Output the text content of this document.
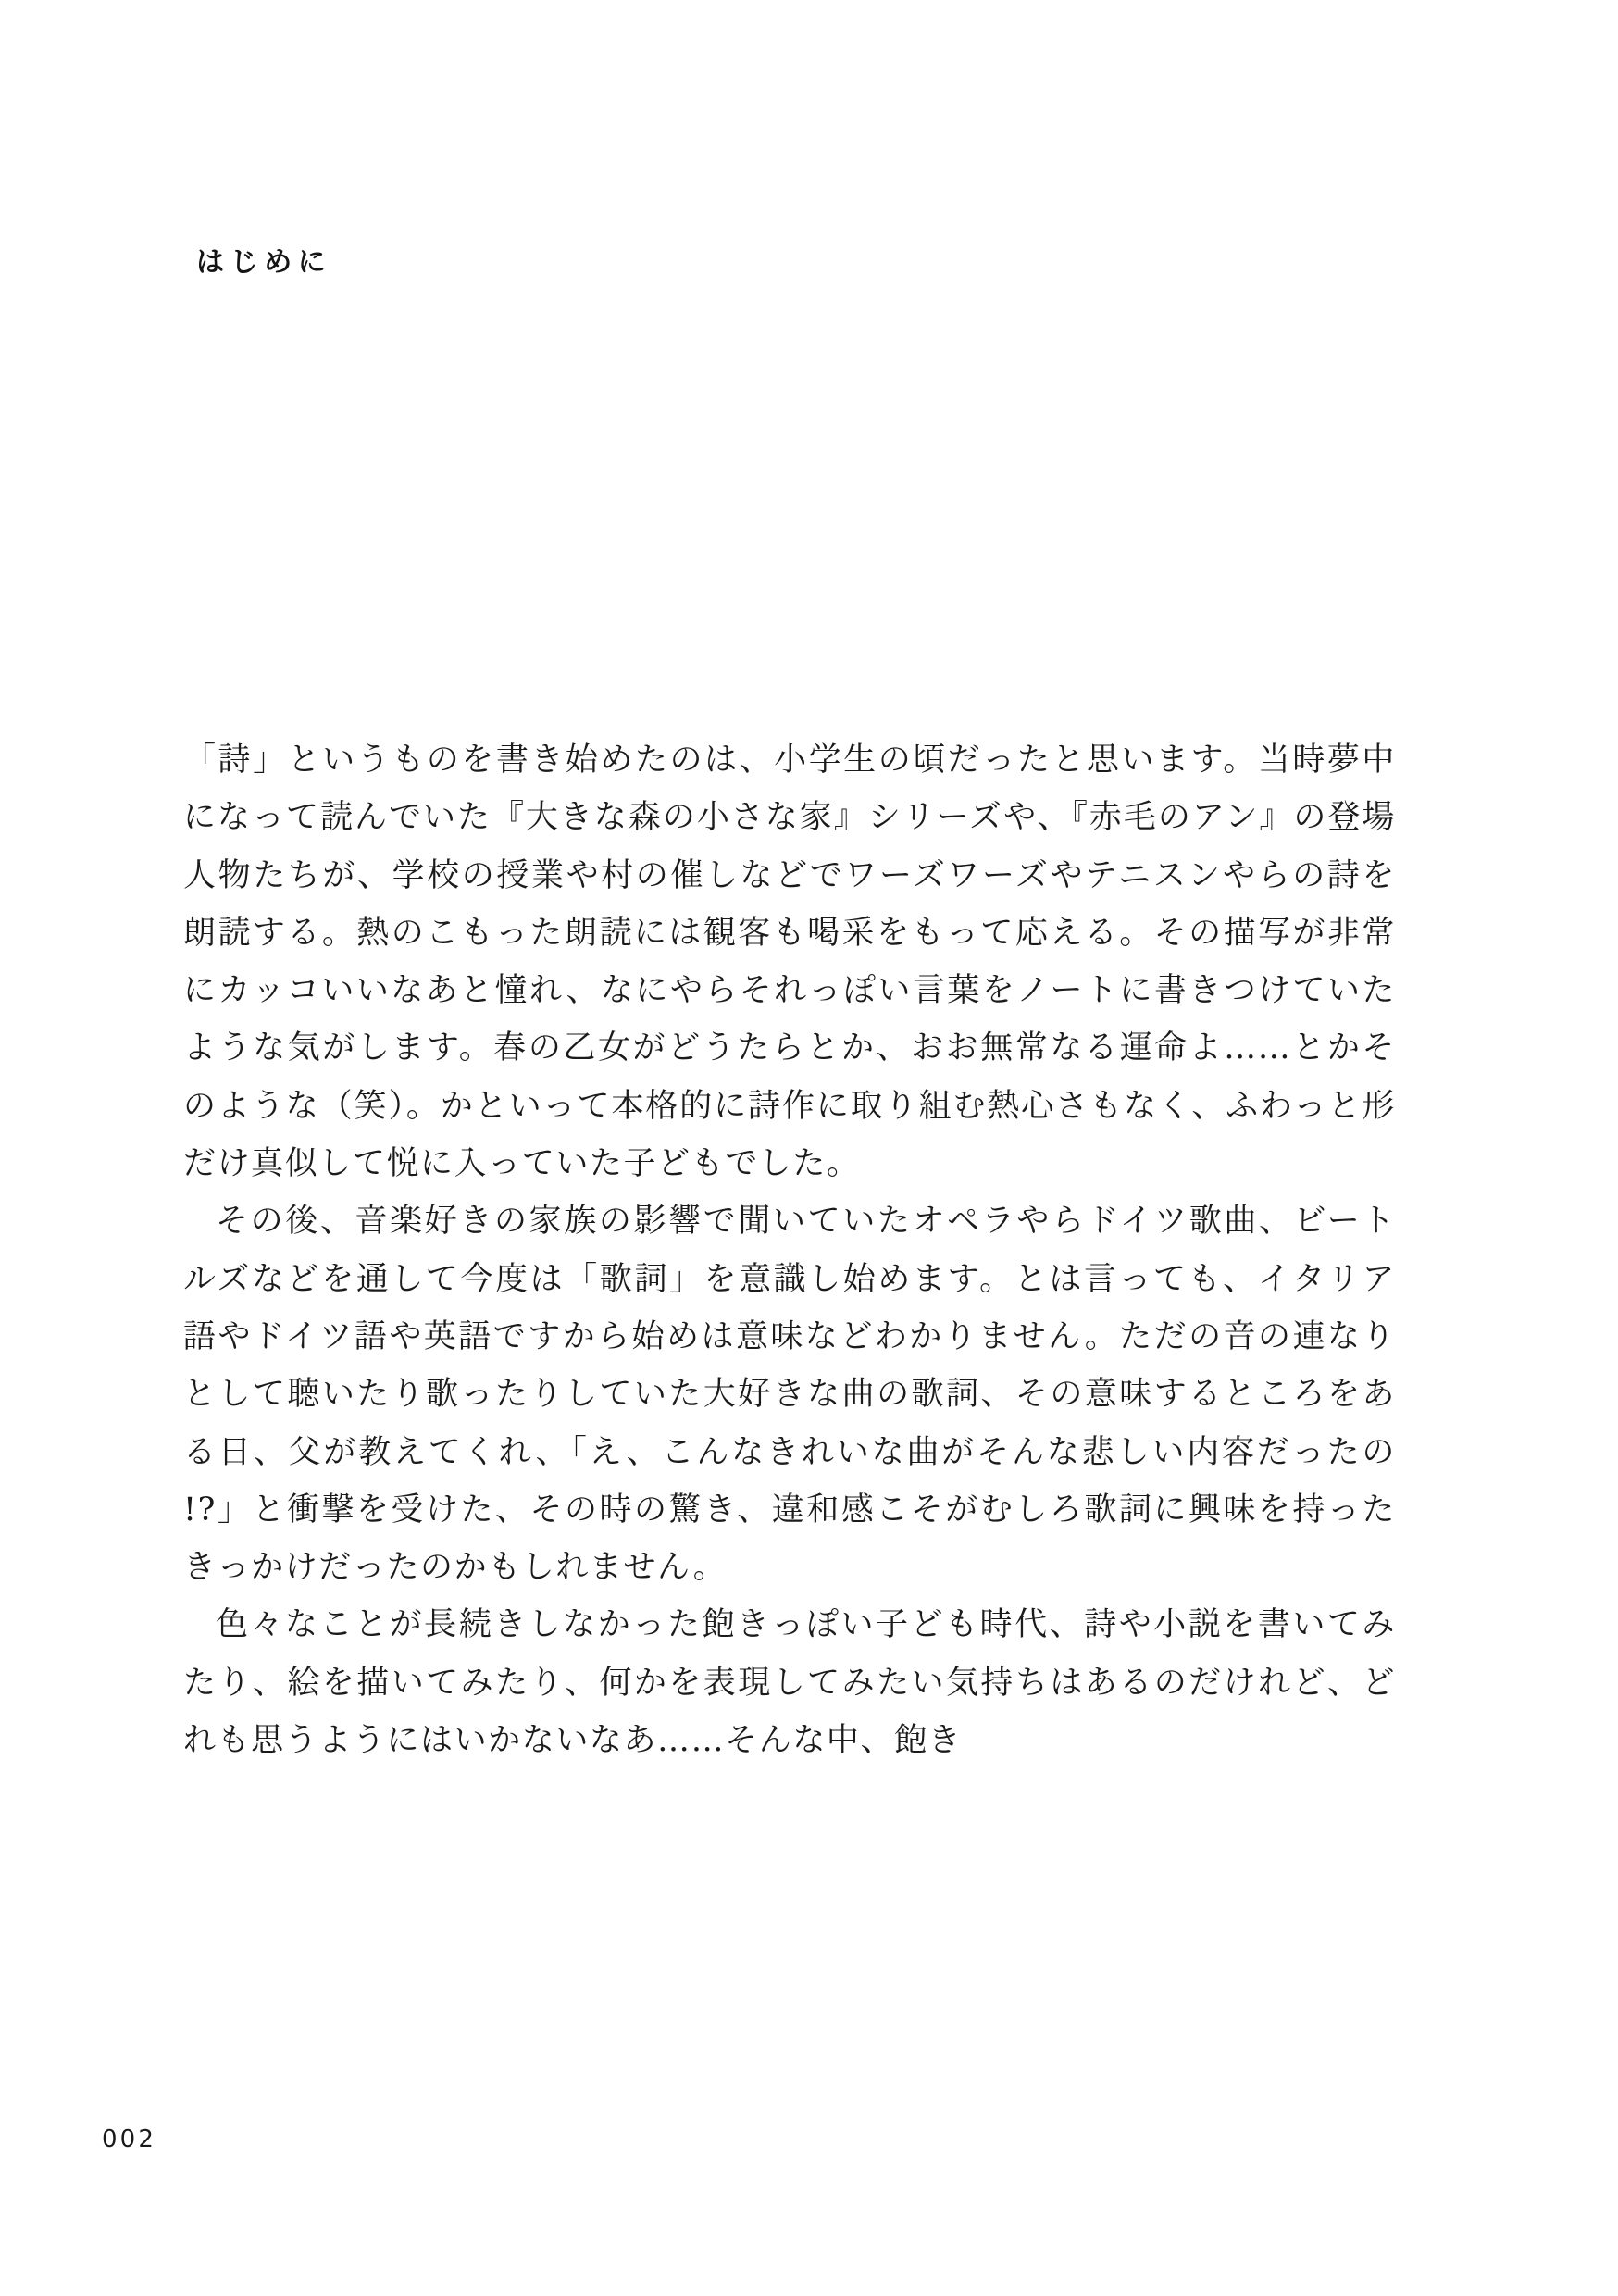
はじめに

「詩」というものを書き始めたのは、小学生の頃だったと思います。当時夢中になって読んでいた『大きな森の小さな家』シリーズや、『赤毛のアン』の登場人物たちが、学校の授業や村の催しなどでワーズワーズやテニスンやらの詩を朗読する。熱のこもった朗読には観客も喝采をもって応える。その描写が非常にカッコいいなあと憧れ、なにやらそれっぽい言葉をノートに書きつけていたような気がします。春の乙女がどうたらとか、おお無常なる運命よ……とかそのような（笑）。かといって本格的に詩作に取り組む熱心さもなく、ふわっと形だけ真似して悦に入っていた子どもでした。

その後、音楽好きの家族の影響で聞いていたオペラやらドイツ歌曲、ビートルズなどを通して今度は「歌詞」を意識し始めます。とは言っても、イタリア語やドイツ語や英語ですから始めは意味などわかりません。ただの音の連なりとして聴いたり歌ったりしていた大好きな曲の歌詞、その意味するところをある日、父が教えてくれ、「え、こんなきれいな曲がそんな悲しい内容だったの !?」と衝撃を受けた、その時の驚き、違和感こそがむしろ歌詞に興味を持ったきっかけだったのかもしれません。

色々なことが長続きしなかった飽きっぽい子ども時代、詩や小説を書いてみたり、絵を描いてみたり、何かを表現してみたい気持ちはあるのだけれど、どれも思うようにはいかないなあ……そんな中、飽き

002
